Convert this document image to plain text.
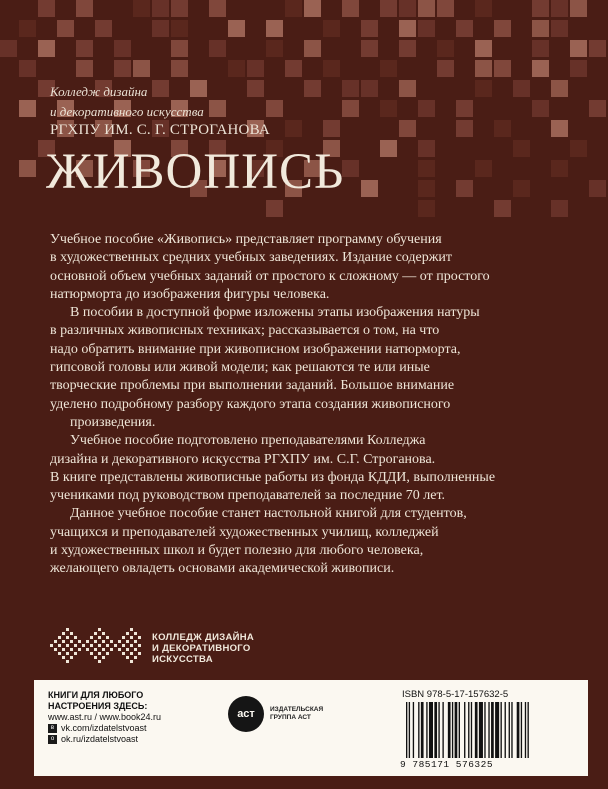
Колледж дизайна
и декоративного искусства
РГХПУ ИМ. С. Г. СТРОГАНОВА
ЖИВОПИСЬ

Учебное пособие «Живопись» представляет программу обучения

в художественных средних учебных заведениях. Издание содержит

основной объем учебных заданий от простого к сложному — от простого

натюрморта до изображения фигуры человека.

В пособии в доступной форме изложены этапы изображения натуры

в различных живописных техниках; рассказывается о том, на что

надо обратить внимание при живописном изображении натюрморта,

гипсовой головы или живой модели; как решаются те или иные

творческие проблемы при выполнении заданий. Большое внимание

уделено подробному разбору каждого этапа создания живописного

произведения.

Учебное пособие подготовлено преподавателями Колледжа

дизайна и декоративного искусства РГХПУ им. С.Г. Строганова.

В книге представлены живописные работы из фонда КДДИ, выполненные

учениками под руководством преподавателей за последние 70 лет.

Данное учебное пособие станет настольной книгой для студентов,

учащихся и преподавателей художественных училищ, колледжей

и художественных школ и будет полезно для любого человека,

желающего овладеть основами академической живописи.

КОЛЛЕДЖ ДИЗАЙНА
И ДЕКОРАТИВНОГО
ИСКУССТВА
КНИГИ ДЛЯ ЛЮБОГО
НАСТРОЕНИЯ ЗДЕСЬ:
www.ast.ru / www.book24.ru
в vk.com/izdatelstvoast
о ok.ru/izdatelstvoast
аст	ИЗДАТЕЛЬСКАЯ
ГРУППА АСТ
ISBN 978-5-17-157632-5
9 785171 576325
